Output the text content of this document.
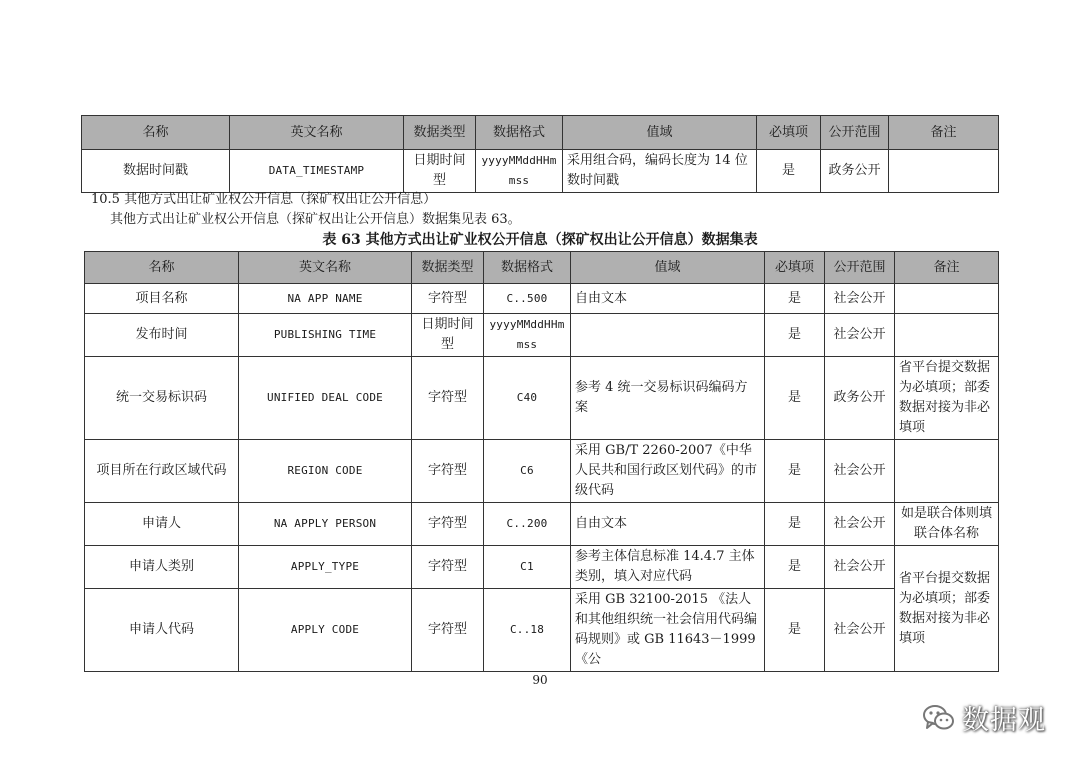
名称	英文名称	数据类型	数据格式	值域	必填项	公开范围	备注
数据时间戳	DATA_TIMESTAMP	日期时间型	yyyyMMddHHmmss	采用组合码，编码长度为 14 位数时间戳	是	政务公开	
10.5 其他方式出让矿业权公开信息（探矿权出让公开信息）
其他方式出让矿业权公开信息（探矿权出让公开信息）数据集见表 63。
表 63 其他方式出让矿业权公开信息（探矿权出让公开信息）数据集表
名称	英文名称	数据类型	数据格式	值域	必填项	公开范围	备注
项目名称	NA APP NAME	字符型	C..500	自由文本	是	社会公开	
发布时间	PUBLISHING TIME	日期时间型	yyyyMMddHHmmss		是	社会公开	
统一交易标识码	UNIFIED DEAL CODE	字符型	C40	参考 4 统一交易标识码编码方案	是	政务公开	省平台提交数据为必填项；部委数据对接为非必填项
项目所在行政区域代码	REGION CODE	字符型	C6	采用 GB/T 2260-2007《中华人民共和国行政区划代码》的市级代码	是	社会公开	
申请人	NA APPLY PERSON	字符型	C..200	自由文本	是	社会公开	如是联合体则填联合体名称
申请人类别	APPLY_TYPE	字符型	C1	参考主体信息标准 14.4.7 主体类别，填入对应代码	是	社会公开	省平台提交数据为必填项；部委数据对接为非必填项
申请人代码	APPLY CODE	字符型	C..18	采用 GB 32100-2015 《法人和其他组织统一社会信用代码编码规则》或 GB 11643－1999《公	是	社会公开	
90
数据观
